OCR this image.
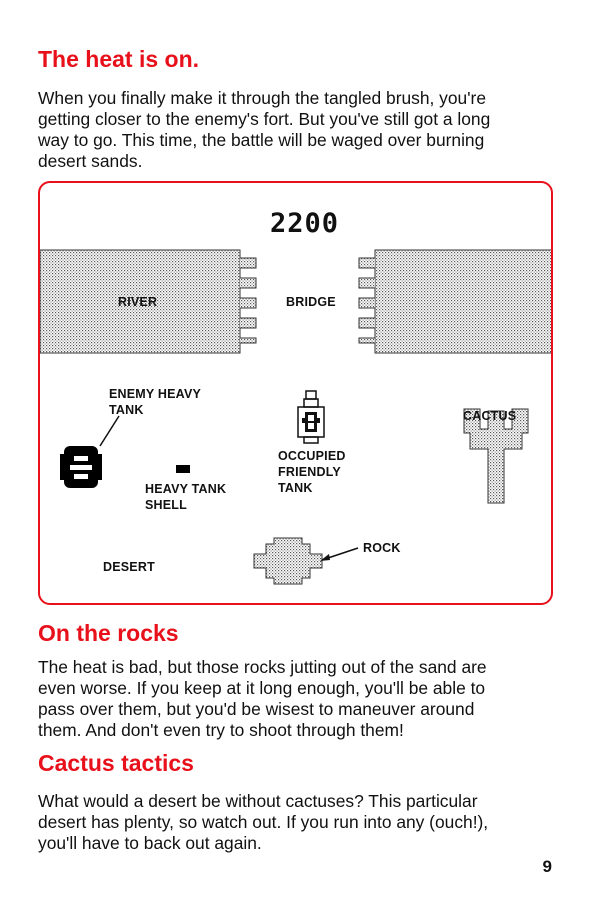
The heat is on.

When you finally make it through the tangled brush, you're
getting closer to the enemy's fort. But you've still got a long
way to go. This time, the battle will be waged over burning
desert sands.

2200
RIVER	BRIDGE
ENEMY HEAVY
TANK
HEAVY TANK
SHELL
OCCUPIED
FRIENDLY
TANK
CACTUS
ROCK
DESERT
On the rocks

The heat is bad, but those rocks jutting out of the sand are
even worse. If you keep at it long enough, you'll be able to
pass over them, but you'd be wisest to maneuver around
them. And don't even try to shoot through them!

Cactus tactics

What would a desert be without cactuses? This particular
desert has plenty, so watch out. If you run into any (ouch!),
you'll have to back out again.

9
